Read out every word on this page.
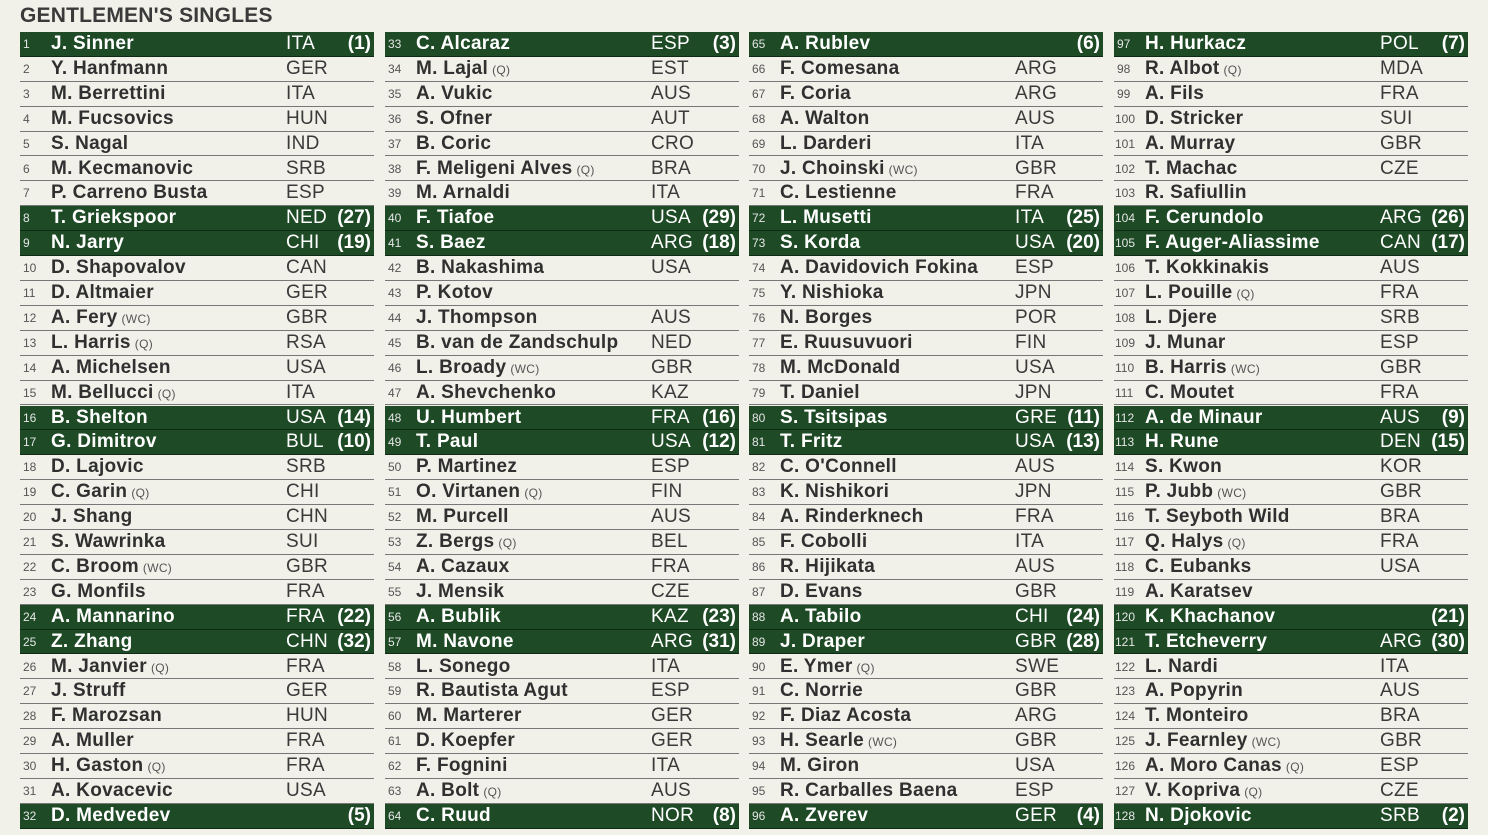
GENTLEMEN'S SINGLES
1 J. Sinner	ITA (1)
2 Y. Hanfmann	GER
3 M. Berrettini	ITA
4 M. Fucsovics	HUN
5 S. Nagal	IND
6 M. Kecmanovic	SRB
7 P. Carreno Busta	ESP
8 T. Griekspoor	NED (27)
9 N. Jarry	CHI (19)
10 D. Shapovalov	CAN
11 D. Altmaier	GER
12 A. Fery (WC)	GBR
13 L. Harris (Q)	RSA
14 A. Michelsen	USA
15 M. Bellucci (Q)	ITA
16 B. Shelton	USA (14)
17 G. Dimitrov	BUL (10)
18 D. Lajovic	SRB
19 C. Garin (Q)	CHI
20 J. Shang	CHN
21 S. Wawrinka	SUI
22 C. Broom (WC)	GBR
23 G. Monfils	FRA
24 A. Mannarino	FRA (22)
25 Z. Zhang	CHN (32)
26 M. Janvier (Q)	FRA
27 J. Struff	GER
28 F. Marozsan	HUN
29 A. Muller	FRA
30 H. Gaston (Q)	FRA
31 A. Kovacevic	USA
32 D. Medvedev	(5)
33 C. Alcaraz	ESP (3)
34 M. Lajal (Q)	EST
35 A. Vukic	AUS
36 S. Ofner	AUT
37 B. Coric	CRO
38 F. Meligeni Alves (Q)	BRA
39 M. Arnaldi	ITA
40 F. Tiafoe	USA (29)
41 S. Baez	ARG (18)
42 B. Nakashima	USA
43 P. Kotov
44 J. Thompson	AUS
45 B. van de Zandschulp NED
46 L. Broady (WC)	GBR
47 A. Shevchenko	KAZ
48 U. Humbert	FRA (16)
49 T. Paul	USA (12)
50 P. Martinez	ESP
51 O. Virtanen (Q)	FIN
52 M. Purcell	AUS
53 Z. Bergs (Q)	BEL
54 A. Cazaux	FRA
55 J. Mensik	CZE
56 A. Bublik	KAZ (23)
57 M. Navone	ARG (31)
58 L. Sonego	ITA
59 R. Bautista Agut	ESP
60 M. Marterer	GER
61 D. Koepfer	GER
62 F. Fognini	ITA
63 A. Bolt (Q)	AUS
64 C. Ruud	NOR (8)
65 A. Rublev	(6)
66 F. Comesana	ARG
67 F. Coria	ARG
68 A. Walton	AUS
69 L. Darderi	ITA
70 J. Choinski (WC)	GBR
71 C. Lestienne	FRA
72 L. Musetti	ITA (25)
73 S. Korda	USA (20)
74 A. Davidovich Fokina ESP
75 Y. Nishioka	JPN
76 N. Borges	POR
77 E. Ruusuvuori	FIN
78 M. McDonald	USA
79 T. Daniel	JPN
80 S. Tsitsipas	GRE (11)
81 T. Fritz	USA (13)
82 C. O'Connell	AUS
83 K. Nishikori	JPN
84 A. Rinderknech	FRA
85 F. Cobolli	ITA
86 R. Hijikata	AUS
87 D. Evans	GBR
88 A. Tabilo	CHI (24)
89 J. Draper	GBR (28)
90 E. Ymer (Q)	SWE
91 C. Norrie	GBR
92 F. Diaz Acosta	ARG
93 H. Searle (WC)	GBR
94 M. Giron	USA
95 R. Carballes Baena	ESP
96 A. Zverev	GER (4)
97 H. Hurkacz	POL (7)
98 R. Albot (Q)	MDA
99 A. Fils	FRA
100 D. Stricker	SUI
101 A. Murray	GBR
102 T. Machac	CZE
103 R. Safiullin
104 F. Cerundolo	ARG (26)
105 F. Auger-Aliassime	CAN (17)
106 T. Kokkinakis	AUS
107 L. Pouille (Q)	FRA
108 L. Djere	SRB
109 J. Munar	ESP
110 B. Harris (WC)	GBR
111 C. Moutet	FRA
112 A. de Minaur	AUS (9)
113 H. Rune	DEN (15)
114 S. Kwon	KOR
115 P. Jubb (WC)	GBR
116 T. Seyboth Wild	BRA
117 Q. Halys (Q)	FRA
118 C. Eubanks	USA
119 A. Karatsev
120 K. Khachanov	(21)
121 T. Etcheverry	ARG (30)
122 L. Nardi	ITA
123 A. Popyrin	AUS
124 T. Monteiro	BRA
125 J. Fearnley (WC)	GBR
126 A. Moro Canas (Q)	ESP
127 V. Kopriva (Q)	CZE
128 N. Djokovic	SRB (2)
